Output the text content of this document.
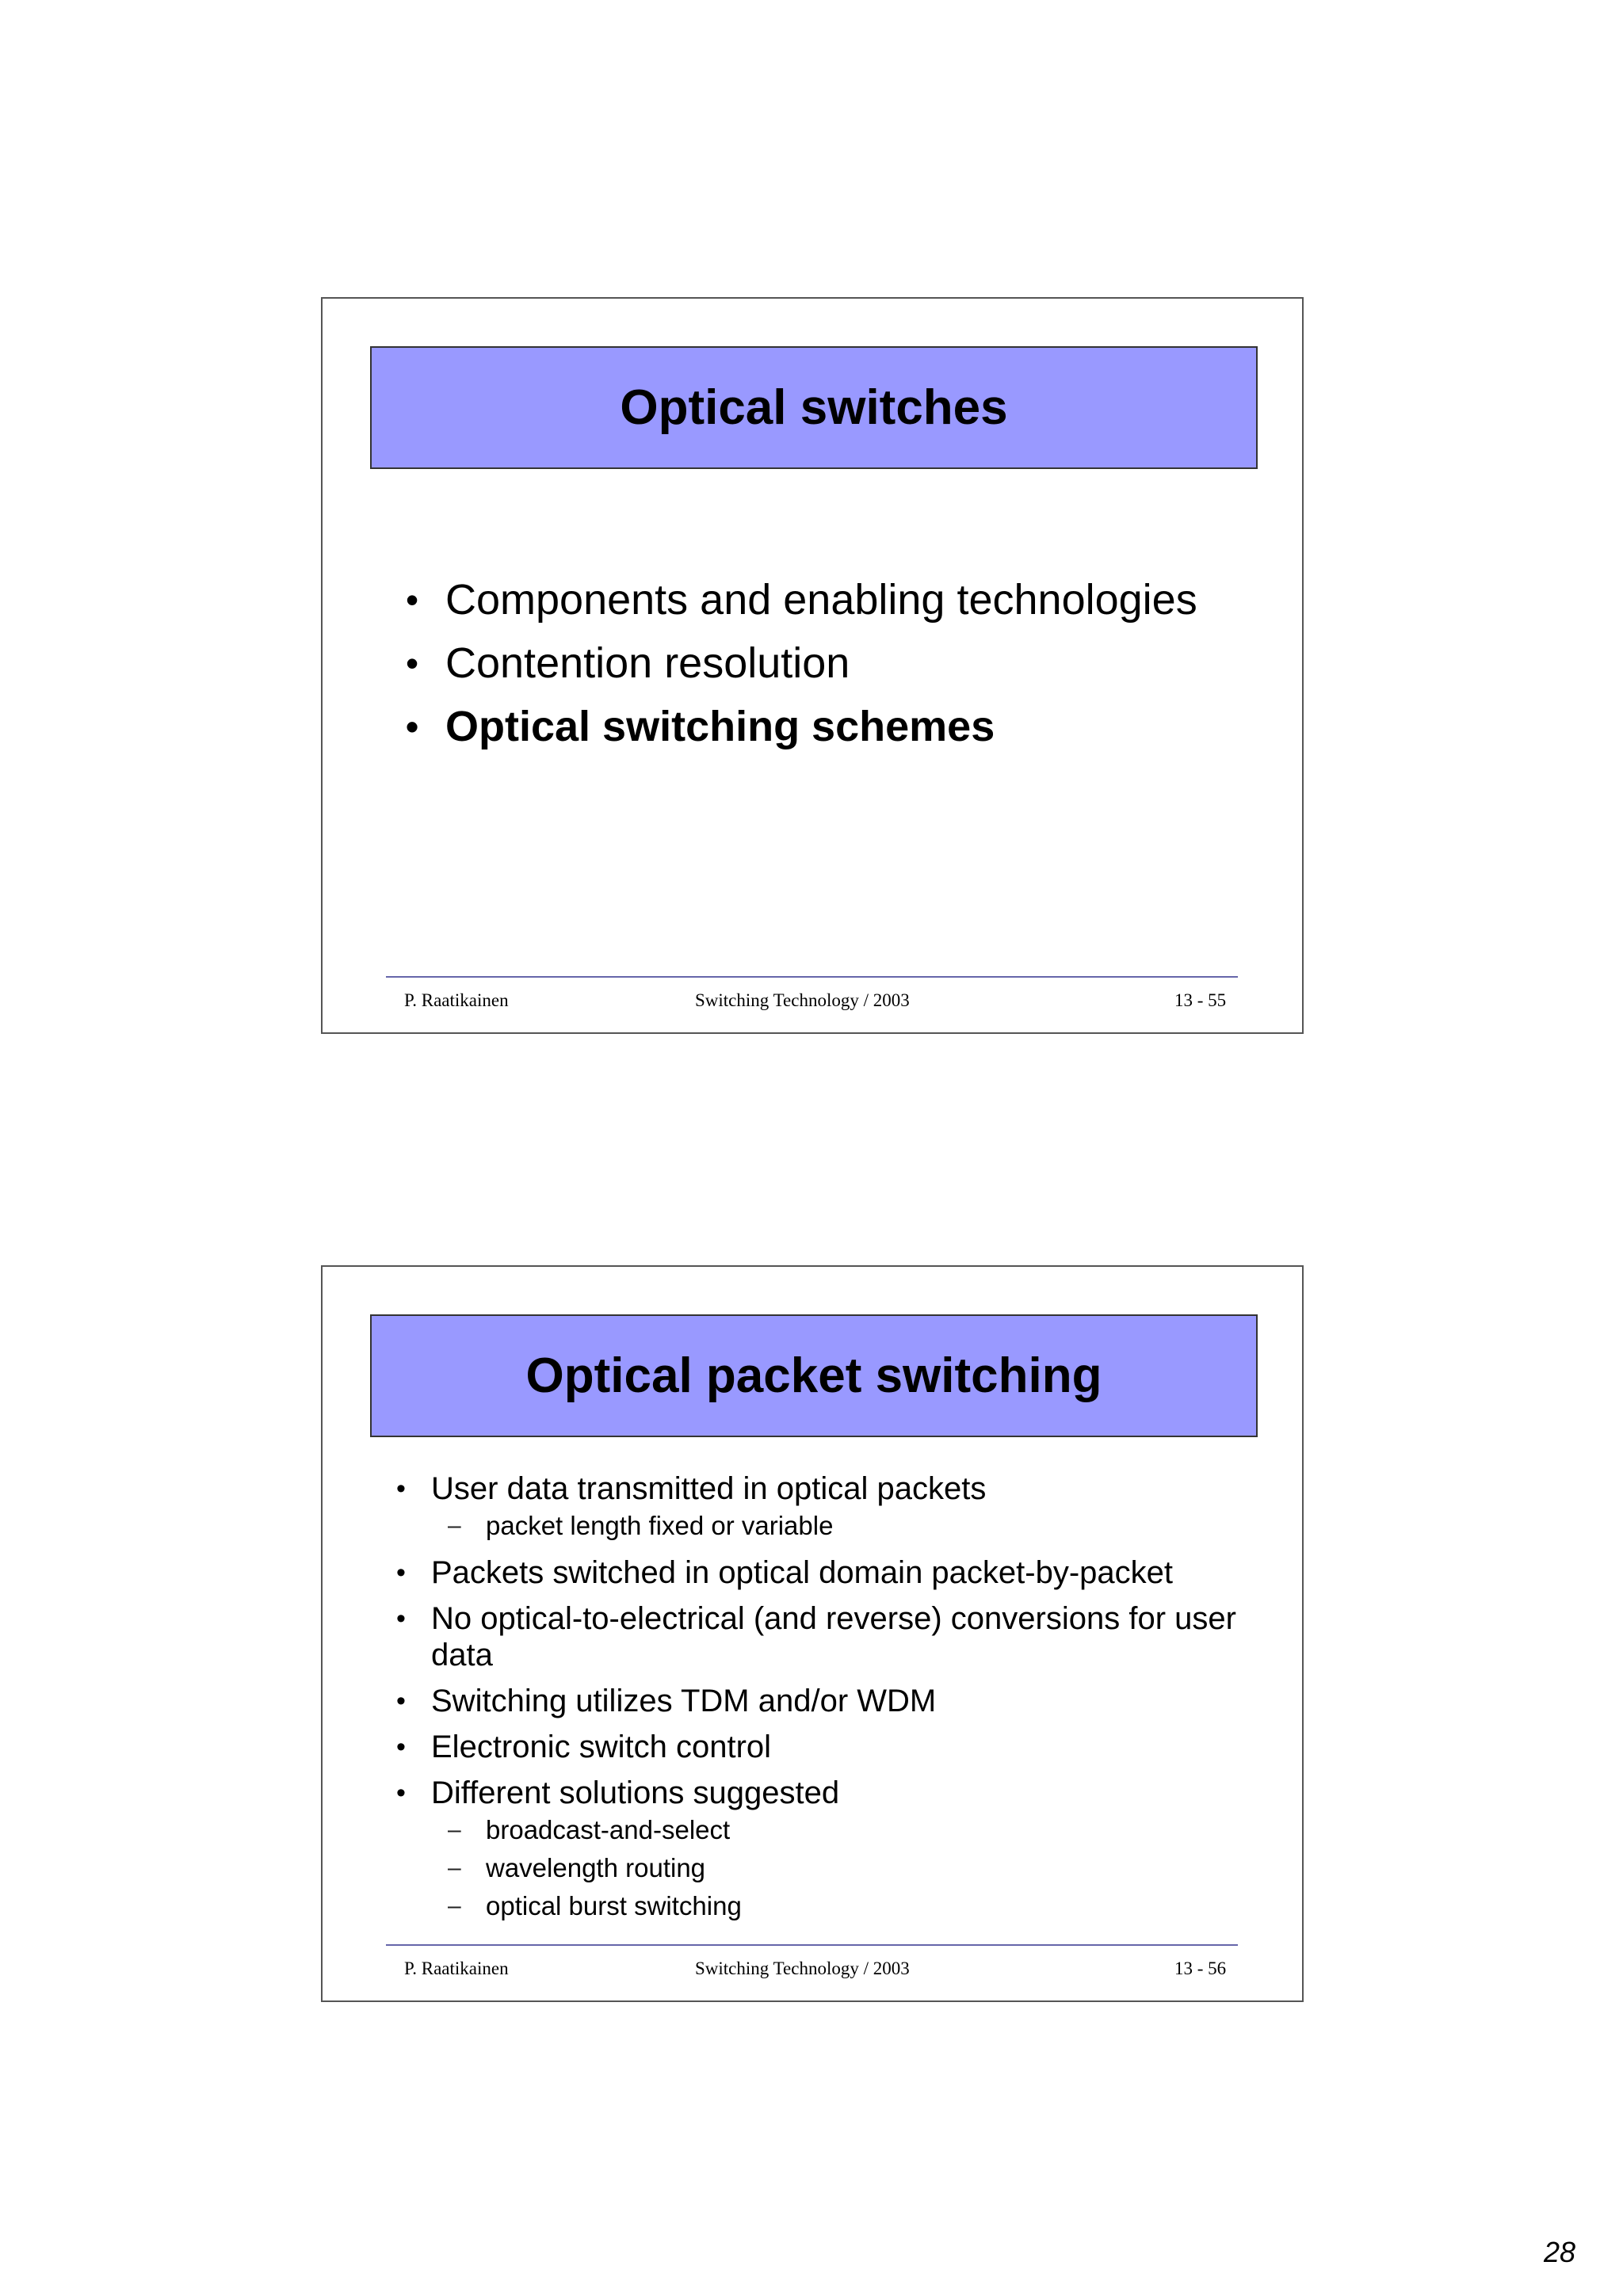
Optical switches
• Components and enabling technologies
• Contention resolution
• Optical switching schemes
P. Raatikainen	Switching Technology / 2003	13 - 55
Optical packet switching
• User data transmitted in optical packets
– packet length fixed or variable
• Packets switched in optical domain packet-by-packet
• No optical-to-electrical (and reverse) conversions for user data
• Switching utilizes TDM and/or WDM
• Electronic switch control
• Different solutions suggested
– broadcast-and-select
– wavelength routing
– optical burst switching
P. Raatikainen	Switching Technology / 2003	13 - 56
28
